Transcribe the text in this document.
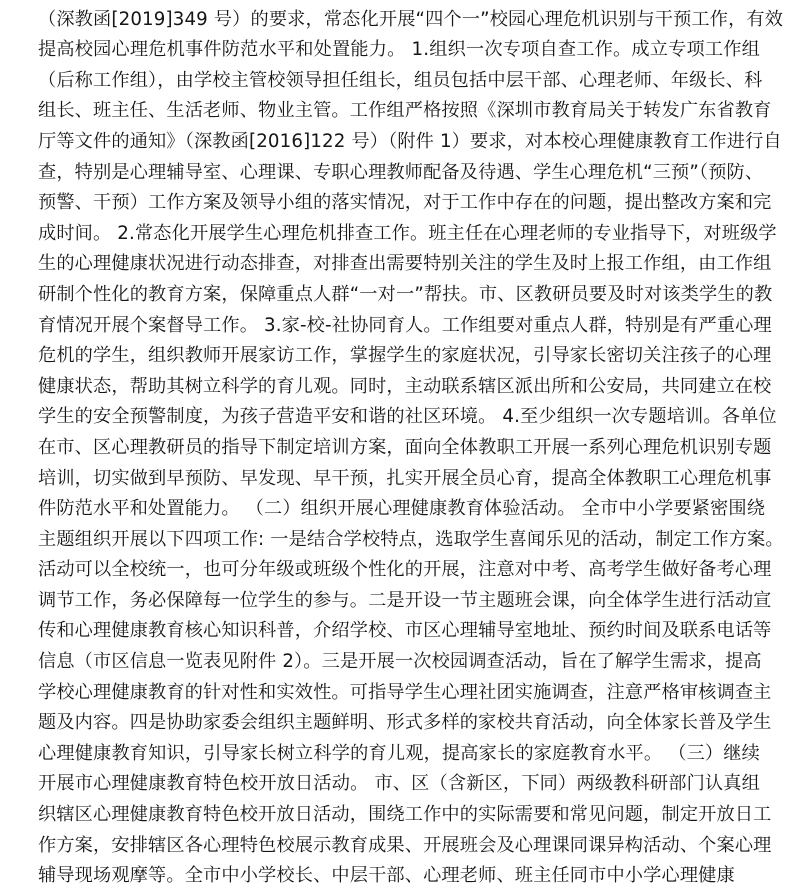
（深教函[2019]349 号）的要求，常态化开展“四个一”校园心理危机识别与干预工作，有效
提高校园心理危机事件防范水平和处置能力。 1.组织一次专项自查工作。成立专项工作组
（后称工作组），由学校主管校领导担任组长，组员包括中层干部、心理老师、年级长、科
组长、班主任、生活老师、物业主管。工作组严格按照《深圳市教育局关于转发广东省教育
厅等文件的通知》（深教函[2016]122 号）（附件 1）要求，对本校心理健康教育工作进行自
查，特别是心理辅导室、心理课、专职心理教师配备及待遇、学生心理危机“三预”（预防、
预警、干预）工作方案及领导小组的落实情况，对于工作中存在的问题，提出整改方案和完
成时间。 2.常态化开展学生心理危机排查工作。班主任在心理老师的专业指导下，对班级学
生的心理健康状况进行动态排查，对排查出需要特别关注的学生及时上报工作组，由工作组
研制个性化的教育方案，保障重点人群“一对一”帮扶。市、区教研员要及时对该类学生的教
育情况开展个案督导工作。 3.家-校-社协同育人。工作组要对重点人群，特别是有严重心理
危机的学生，组织教师开展家访工作，掌握学生的家庭状况，引导家长密切关注孩子的心理
健康状态，帮助其树立科学的育儿观。同时，主动联系辖区派出所和公安局，共同建立在校
学生的安全预警制度，为孩子营造平安和谐的社区环境。 4.至少组织一次专题培训。各单位
在市、区心理教研员的指导下制定培训方案，面向全体教职工开展一系列心理危机识别专题
培训，切实做到早预防、早发现、早干预，扎实开展全员心育，提高全体教职工心理危机事
件防范水平和处置能力。 （二）组织开展心理健康教育体验活动。 全市中小学要紧密围绕
主题组织开展以下四项工作: 一是结合学校特点，选取学生喜闻乐见的活动，制定工作方案。
活动可以全校统一，也可分年级或班级个性化的开展，注意对中考、高考学生做好备考心理
调节工作，务必保障每一位学生的参与。二是开设一节主题班会课，向全体学生进行活动宣
传和心理健康教育核心知识科普，介绍学校、市区心理辅导室地址、预约时间及联系电话等
信息（市区信息一览表见附件 2）。三是开展一次校园调查活动，旨在了解学生需求，提高
学校心理健康教育的针对性和实效性。可指导学生心理社团实施调查，注意严格审核调查主
题及内容。四是协助家委会组织主题鲜明、形式多样的家校共育活动，向全体家长普及学生
心理健康教育知识，引导家长树立科学的育儿观，提高家长的家庭教育水平。 （三）继续
开展市心理健康教育特色校开放日活动。 市、区（含新区，下同）两级教科研部门认真组
织辖区心理健康教育特色校开放日活动，围绕工作中的实际需要和常见问题，制定开放日工
作方案，安排辖区各心理特色校展示教育成果、开展班会及心理课同课异构活动、个案心理
辅导现场观摩等。全市中小学校长、中层干部、心理老师、班主任同市中小学心理健康
